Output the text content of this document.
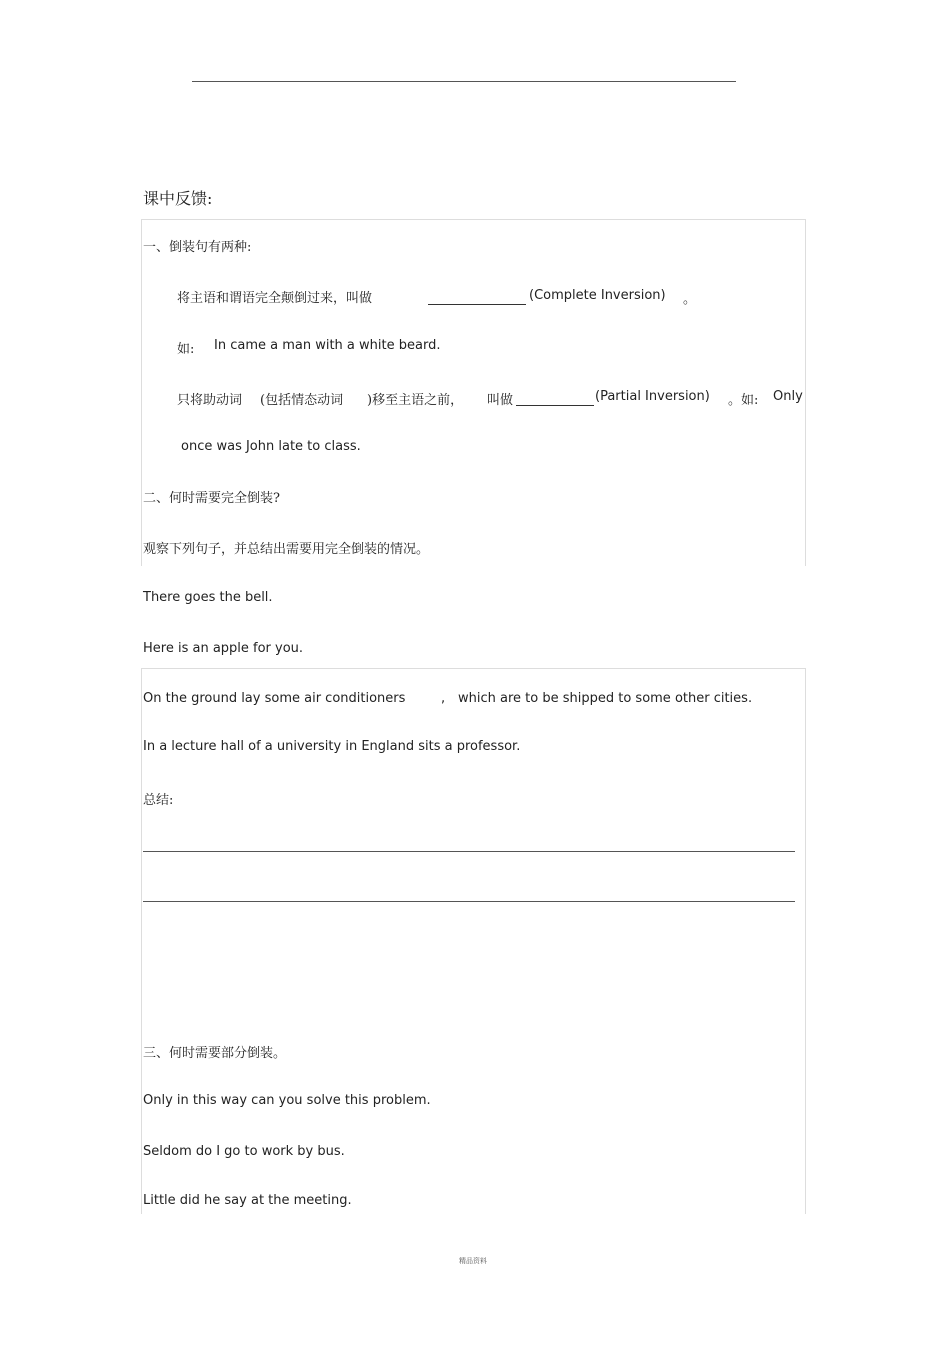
课中反馈:
一、倒装句有两种:
将主语和谓语完全颠倒过来，叫做	(Complete Inversion) 。
如: In came a man with a white beard.
只将助动词 (包括情态动词 )移至主语之前， 叫做	(Partial Inversion) 。如: Only
once was John late to class.
二、何时需要完全倒装?
观察下列句子，并总结出需要用完全倒装的情况。
There goes the bell.
Here is an apple for you.
On the ground lay some air conditioners	, which are to be shipped to some other cities.
In a lecture hall of a university in England sits a professor.
总结:
三、何时需要部分倒装。
Only in this way can you solve this problem.
Seldom do I go to work by bus.
Little did he say at the meeting.
精品资料
